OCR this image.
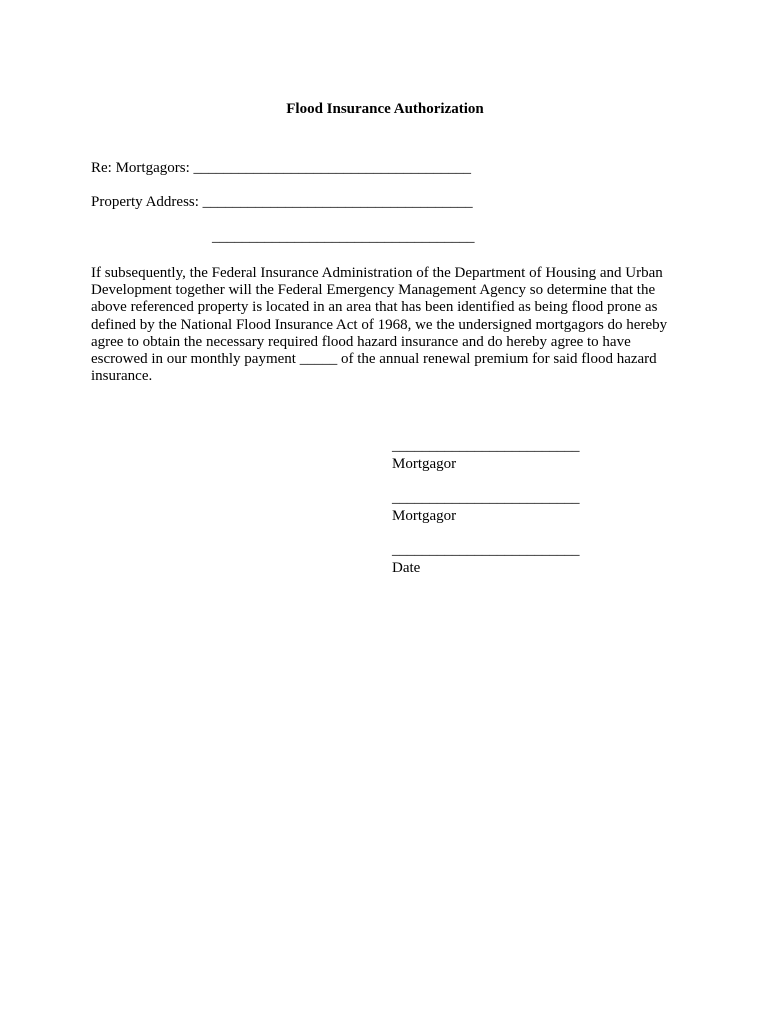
Flood Insurance Authorization
Re: Mortgagors: _____________________________________
Property Address: ____________________________________
___________________________________
If subsequently, the Federal Insurance Administration of the Department of Housing and Urban
Development together will the Federal Emergency Management Agency so determine that the
above referenced property is located in an area that has been identified as being flood prone as
defined by the National Flood Insurance Act of 1968, we the undersigned mortgagors do hereby
agree to obtain the necessary required flood hazard insurance and do hereby agree to have
escrowed in our monthly payment _____ of the annual renewal premium for said flood hazard
insurance.
_________________________
Mortgagor
_________________________
Mortgagor
_________________________
Date
